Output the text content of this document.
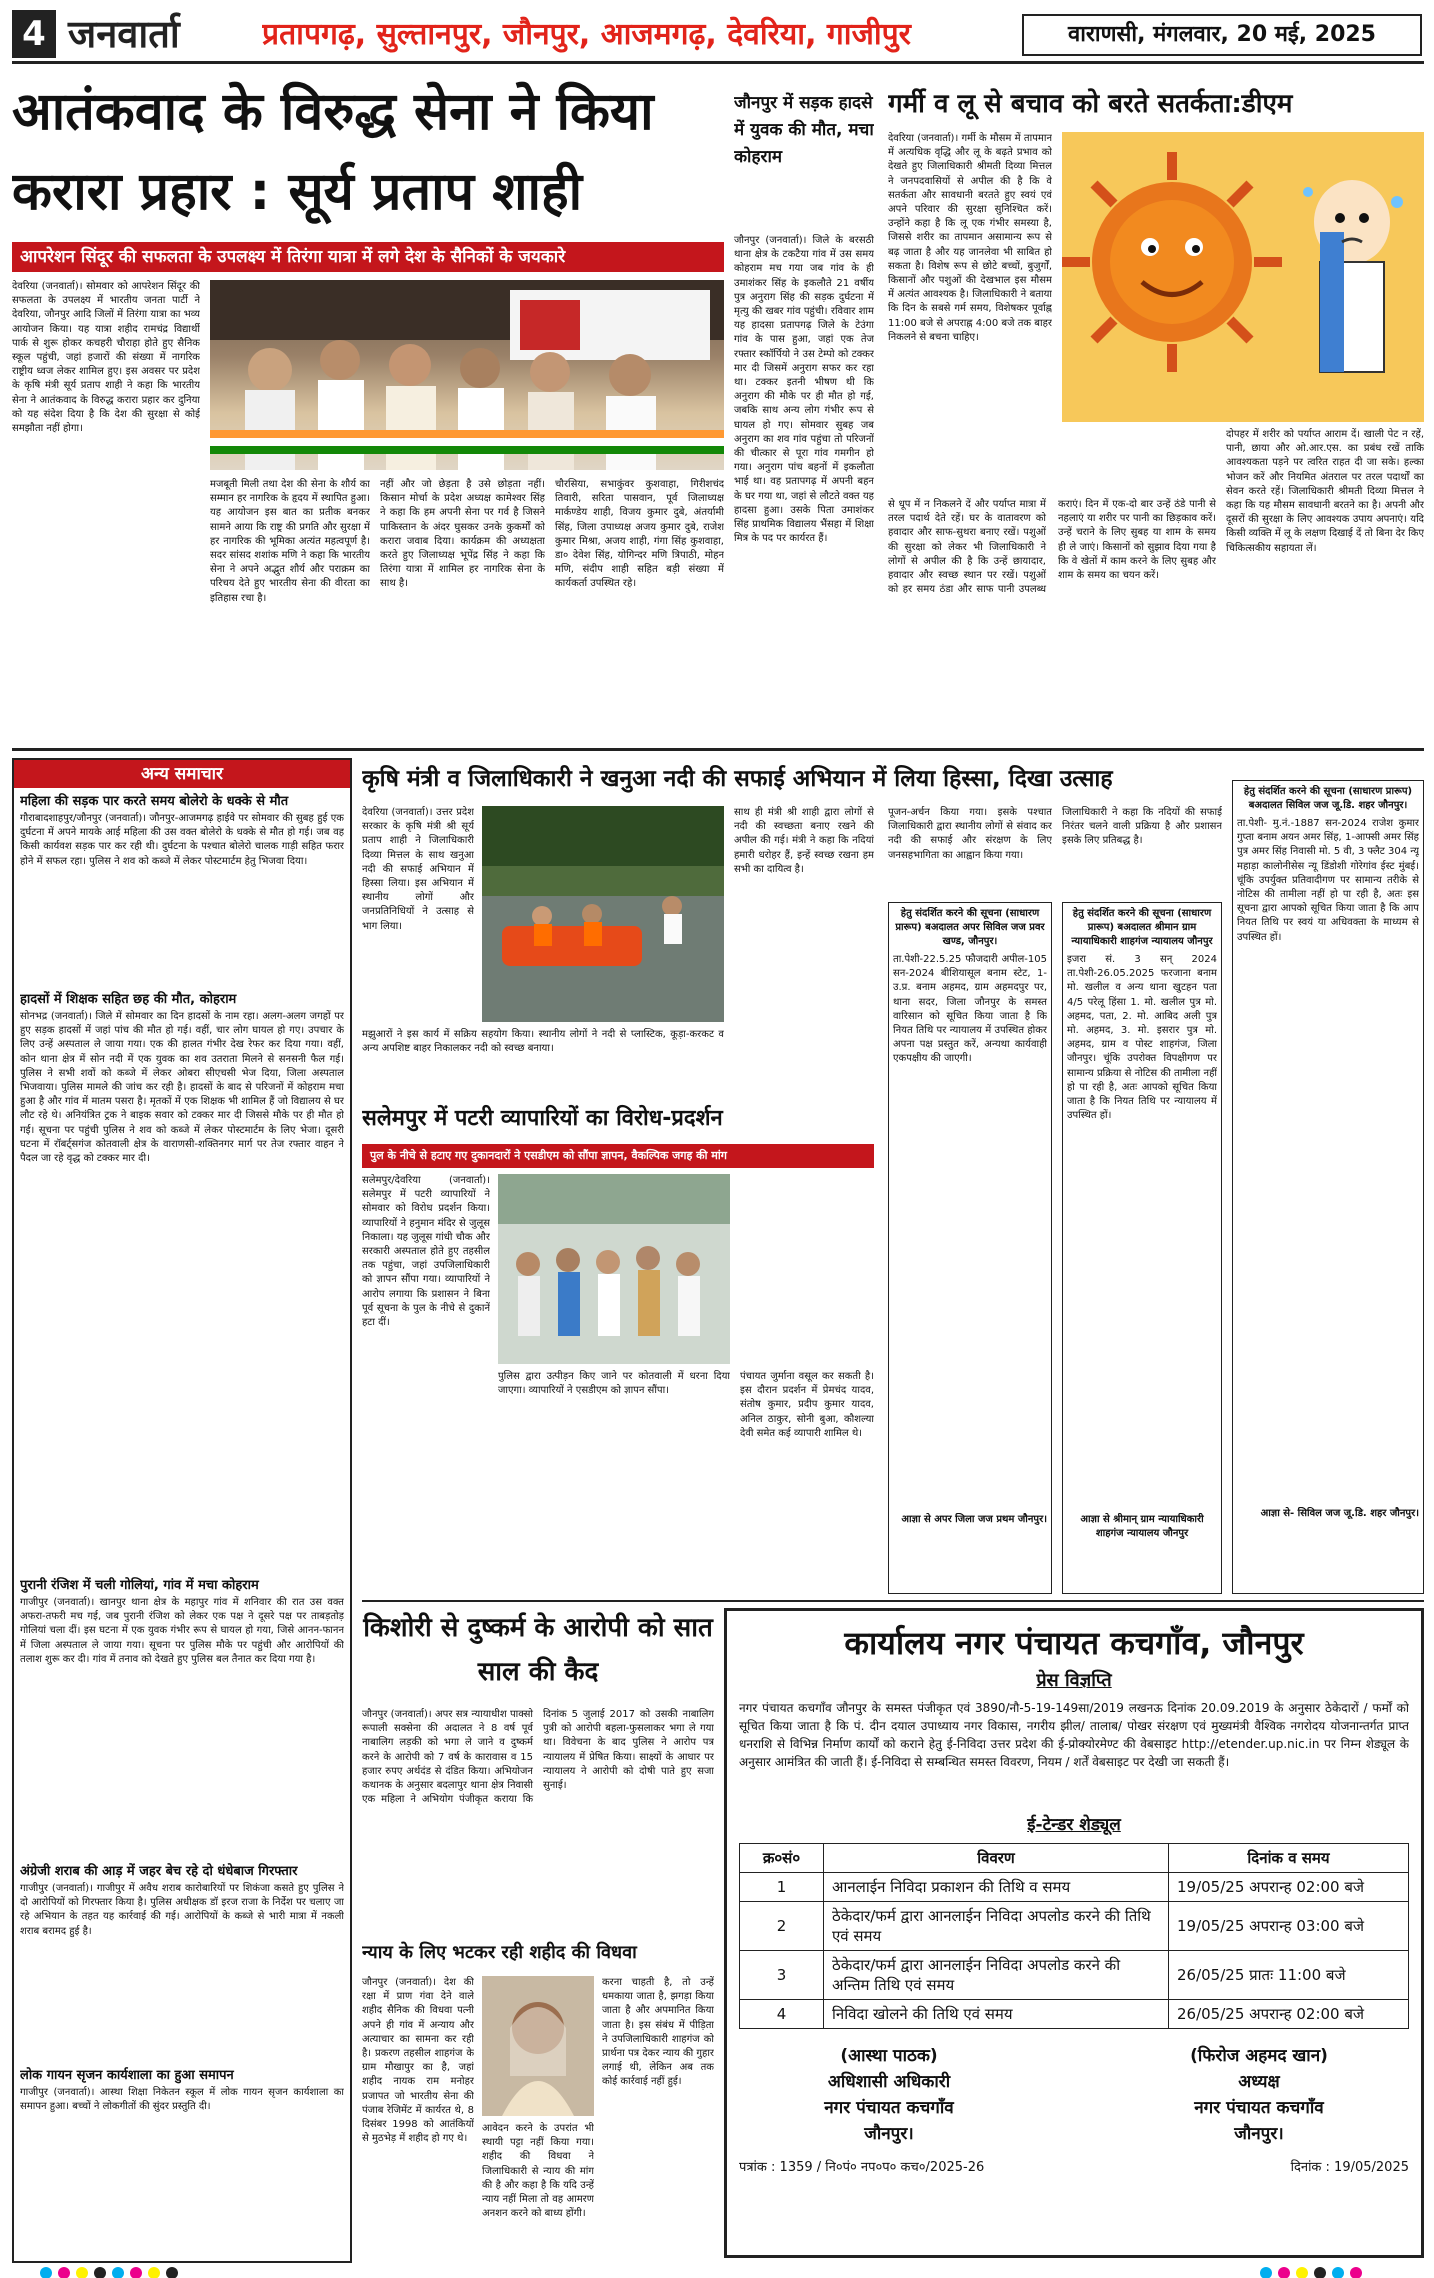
4 जनवार्ता	प्रतापगढ़, सुल्तानपुर, जौनपुर, आजमगढ़, देवरिया, गाजीपुर	वाराणसी, मंगलवार, 20 मई, 2025
आतंकवाद के विरुद्ध सेना ने किया
करारा प्रहार : सूर्य प्रताप शाही
आपरेशन सिंदूर की सफलता के उपलक्ष्य में तिरंगा यात्रा में लगे देश के सैनिकों के जयकारे
देवरिया (जनवार्ता)। सोमवार को आपरेशन सिंदूर की सफलता के उपलक्ष्य में भारतीय जनता पार्टी ने देवरिया, जौनपुर आदि जिलों में तिरंगा यात्रा का भव्य आयोजन किया। यह यात्रा शहीद रामचंद्र विद्यार्थी पार्क से शुरू होकर कचहरी चौराहा होते हुए सैनिक स्कूल पहुंची, जहां हजारों की संख्या में नागरिक राष्ट्रीय ध्वज लेकर शामिल हुए। इस अवसर पर प्रदेश के कृषि मंत्री सूर्य प्रताप शाही ने कहा कि भारतीय सेना ने आतंकवाद के विरुद्ध करारा प्रहार कर दुनिया को यह संदेश दिया है कि देश की सुरक्षा से कोई समझौता नहीं होगा।
मजबूती मिली तथा देश की सेना के शौर्य का सम्मान हर नागरिक के हृदय में स्थापित हुआ। यह आयोजन इस बात का प्रतीक बनकर सामने आया कि राष्ट्र की प्रगति और सुरक्षा में हर नागरिक की भूमिका अत्यंत महत्वपूर्ण है। सदर सांसद शशांक मणि ने कहा कि भारतीय सेना ने अपने अद्भुत शौर्य और पराक्रम का परिचय देते हुए भारतीय सेना की वीरता का इतिहास रचा है।
नहीं और जो छेड़ता है उसे छोड़ता नहीं। किसान मोर्चा के प्रदेश अध्यक्ष कामेश्वर सिंह ने कहा कि हम अपनी सेना पर गर्व है जिसने पाकिस्तान के अंदर घुसकर उनके कुकर्मों को करारा जवाब दिया। कार्यक्रम की अध्यक्षता करते हुए जिलाध्यक्ष भूपेंद्र सिंह ने कहा कि तिरंगा यात्रा में शामिल हर नागरिक सेना के साथ है।
चौरसिया, सभाकुंवर कुशवाहा, गिरीशचंद तिवारी, सरिता पासवान, पूर्व जिलाध्यक्ष मार्कण्डेय शाही, विजय कुमार दुबे, अंतर्यामी सिंह, जिला उपाध्यक्ष अजय कुमार दुबे, राजेश कुमार मिश्रा, अजय शाही, गंगा सिंह कुशवाहा, डा० देवेश सिंह, योगिन्दर मणि त्रिपाठी, मोहन मणि, संदीप शाही सहित बड़ी संख्या में कार्यकर्ता उपस्थित रहे।
जौनपुर में सड़क हादसे में युवक की मौत, मचा कोहराम
जौनपुर (जनवार्ता)। जिले के बरसठी थाना क्षेत्र के टकटैया गांव में उस समय कोहराम मच गया जब गांव के ही उमाशंकर सिंह के इकलौते 21 वर्षीय पुत्र अनुराग सिंह की सड़क दुर्घटना में मृत्यु की खबर गांव पहुंची। रविवार शाम यह हादसा प्रतापगढ़ जिले के टेउंगा गांव के पास हुआ, जहां एक तेज रफ्तार स्कॉर्पियो ने उस टेम्पो को टक्कर मार दी जिसमें अनुराग सफर कर रहा था। टक्कर इतनी भीषण थी कि अनुराग की मौके पर ही मौत हो गई, जबकि साथ अन्य लोग गंभीर रूप से घायल हो गए। सोमवार सुबह जब अनुराग का शव गांव पहुंचा तो परिजनों की चीत्कार से पूरा गांव गमगीन हो गया। अनुराग पांच बहनों में इकलौता भाई था। वह प्रतापगढ़ में अपनी बहन के घर गया था, जहां से लौटते वक्त यह हादसा हुआ। उसके पिता उमाशंकर सिंह प्राथमिक विद्यालय भैंसहा में शिक्षा मित्र के पद पर कार्यरत हैं।
गर्मी व लू से बचाव को बरते सतर्कता:डीएम
देवरिया (जनवार्ता)। गर्मी के मौसम में तापमान में अत्यधिक वृद्धि और लू के बढ़ते प्रभाव को देखते हुए जिलाधिकारी श्रीमती दिव्या मित्तल ने जनपदवासियों से अपील की है कि वे सतर्कता और सावधानी बरतते हुए स्वयं एवं अपने परिवार की सुरक्षा सुनिश्चित करें। उन्होंने कहा है कि लू एक गंभीर समस्या है, जिससे शरीर का तापमान असामान्य रूप से बढ़ जाता है और यह जानलेवा भी साबित हो सकता है। विशेष रूप से छोटे बच्चों, बुजुर्गों, किसानों और पशुओं की देखभाल इस मौसम में अत्यंत आवश्यक है। जिलाधिकारी ने बताया कि दिन के सबसे गर्म समय, विशेषकर पूर्वाह्न 11:00 बजे से अपराह्न 4:00 बजे तक बाहर निकलने से बचना चाहिए।
से धूप में न निकलने दें और पर्याप्त मात्रा में तरल पदार्थ देते रहें। घर के वातावरण को हवादार और साफ-सुथरा बनाए रखें। पशुओं की सुरक्षा को लेकर भी जिलाधिकारी ने लोगों से अपील की है कि उन्हें छायादार, हवादार और स्वच्छ स्थान पर रखें। पशुओं को हर समय ठंडा और साफ पानी उपलब्ध कराएं। दिन में एक-दो बार उन्हें ठंडे पानी से नहलाएं या शरीर पर पानी का छिड़काव करें। उन्हें चराने के लिए सुबह या शाम के समय ही ले जाएं। किसानों को सुझाव दिया गया है कि वे खेतों में काम करने के लिए सुबह और शाम के समय का चयन करें।
दोपहर में शरीर को पर्याप्त आराम दें। खाली पेट न रहें, पानी, छाया और ओ.आर.एस. का प्रबंध रखें ताकि आवश्यकता पड़ने पर त्वरित राहत दी जा सके। हल्का भोजन करें और नियमित अंतराल पर तरल पदार्थों का सेवन करते रहें। जिलाधिकारी श्रीमती दिव्या मित्तल ने कहा कि यह मौसम सावधानी बरतने का है। अपनी और दूसरों की सुरक्षा के लिए आवश्यक उपाय अपनाएं। यदि किसी व्यक्ति में लू के लक्षण दिखाई दें तो बिना देर किए चिकित्सकीय सहायता लें।
अन्य समाचार
महिला की सड़क पार करते समय बोलेरो के धक्के से मौत
गौराबादशाहपुर/जौनपुर (जनवार्ता)। जौनपुर-आजमगढ़ हाईवे पर सोमवार की सुबह हुई एक दुर्घटना में अपने मायके आई महिला की उस वक्त बोलेरो के धक्के से मौत हो गई। जब वह किसी कार्यवश सड़क पार कर रही थी। दुर्घटना के पश्चात बोलेरो चालक गाड़ी सहित फरार होने में सफल रहा। पुलिस ने शव को कब्जे में लेकर पोस्टमार्टम हेतु भिजवा दिया।
हादसों में शिक्षक सहित छह की मौत, कोहराम
सोनभद्र (जनवार्ता)। जिले में सोमवार का दिन हादसों के नाम रहा। अलग-अलग जगहों पर हुए सड़क हादसों में जहां पांच की मौत हो गई। वहीं, चार लोग घायल हो गए। उपचार के लिए उन्हें अस्पताल ले जाया गया। एक की हालत गंभीर देख रेफर कर दिया गया। वहीं, कोन थाना क्षेत्र में सोन नदी में एक युवक का शव उतराता मिलने से सनसनी फैल गई। पुलिस ने सभी शवों को कब्जे में लेकर ओबरा सीएचसी भेज दिया, जिला अस्पताल भिजवाया। पुलिस मामले की जांच कर रही है। हादसों के बाद से परिजनों में कोहराम मचा हुआ है और गांव में मातम पसरा है। मृतकों में एक शिक्षक भी शामिल हैं जो विद्यालय से घर लौट रहे थे। अनियंत्रित ट्रक ने बाइक सवार को टक्कर मार दी जिससे मौके पर ही मौत हो गई। सूचना पर पहुंची पुलिस ने शव को कब्जे में लेकर पोस्टमार्टम के लिए भेजा। दूसरी घटना में रॉबर्ट्सगंज कोतवाली क्षेत्र के वाराणसी-शक्तिनगर मार्ग पर तेज रफ्तार वाहन ने पैदल जा रहे वृद्ध को टक्कर मार दी।
पुरानी रंजिश में चली गोलियां, गांव में मचा कोहराम
गाजीपुर (जनवार्ता)। खानपुर थाना क्षेत्र के महापुर गांव में शनिवार की रात उस वक्त अफरा-तफरी मच गई, जब पुरानी रंजिश को लेकर एक पक्ष ने दूसरे पक्ष पर ताबड़तोड़ गोलियां चला दीं। इस घटना में एक युवक गंभीर रूप से घायल हो गया, जिसे आनन-फानन में जिला अस्पताल ले जाया गया। सूचना पर पुलिस मौके पर पहुंची और आरोपियों की तलाश शुरू कर दी। गांव में तनाव को देखते हुए पुलिस बल तैनात कर दिया गया है।
अंग्रेजी शराब की आड़ में जहर बेच रहे दो धंधेबाज गिरफ्तार
गाजीपुर (जनवार्ता)। गाजीपुर में अवैध शराब कारोबारियों पर शिकंजा कसते हुए पुलिस ने दो आरोपियों को गिरफ्तार किया है। पुलिस अधीक्षक डॉ इरज राजा के निर्देश पर चलाए जा रहे अभियान के तहत यह कार्रवाई की गई। आरोपियों के कब्जे से भारी मात्रा में नकली शराब बरामद हुई है।
लोक गायन सृजन कार्यशाला का हुआ समापन
गाजीपुर (जनवार्ता)। आस्था शिक्षा निकेतन स्कूल में लोक गायन सृजन कार्यशाला का समापन हुआ। बच्चों ने लोकगीतों की सुंदर प्रस्तुति दी।
कृषि मंत्री व जिलाधिकारी ने खनुआ नदी की सफाई अभियान में लिया हिस्सा, दिखा उत्साह
देवरिया (जनवार्ता)। उत्तर प्रदेश सरकार के कृषि मंत्री श्री सूर्य प्रताप शाही ने जिलाधिकारी दिव्या मित्तल के साथ खनुआ नदी की सफाई अभियान में हिस्सा लिया। इस अभियान में स्थानीय लोगों और जनप्रतिनिधियों ने उत्साह से भाग लिया।
मझुआरों ने इस कार्य में सक्रिय सहयोग किया। स्थानीय लोगों ने नदी से प्लास्टिक, कूड़ा-करकट व अन्य अपशिष्ट बाहर निकालकर नदी को स्वच्छ बनाया।
साथ ही मंत्री श्री शाही द्वारा लोगों से नदी की स्वच्छता बनाए रखने की अपील की गई। मंत्री ने कहा कि नदियां हमारी धरोहर हैं, इन्हें स्वच्छ रखना हम सभी का दायित्व है।
पूजन-अर्चन किया गया। इसके पश्चात जिलाधिकारी द्वारा स्थानीय लोगों से संवाद कर नदी की सफाई और संरक्षण के लिए जनसहभागिता का आह्वान किया गया।
जिलाधिकारी ने कहा कि नदियों की सफाई निरंतर चलने वाली प्रक्रिया है और प्रशासन इसके लिए प्रतिबद्ध है।
सलेमपुर में पटरी व्यापारियों का विरोध-प्रदर्शन
पुल के नीचे से हटाए गए दुकानदारों ने एसडीएम को सौंपा ज्ञापन, वैकल्पिक जगह की मांग
सलेमपुर/देवरिया (जनवार्ता)। सलेमपुर में पटरी व्यापारियों ने सोमवार को विरोध प्रदर्शन किया। व्यापारियों ने हनुमान मंदिर से जुलूस निकाला। यह जुलूस गांधी चौक और सरकारी अस्पताल होते हुए तहसील तक पहुंचा, जहां उपजिलाधिकारी को ज्ञापन सौंपा गया। व्यापारियों ने आरोप लगाया कि प्रशासन ने बिना पूर्व सूचना के पुल के नीचे से दुकानें हटा दीं।
पुलिस द्वारा उत्पीड़न किए जाने पर कोतवाली में धरना दिया जाएगा। व्यापारियों ने एसडीएम को ज्ञापन सौंपा।
पंचायत जुर्माना वसूल कर सकती है। इस दौरान प्रदर्शन में प्रेमचंद यादव, संतोष कुमार, प्रदीप कुमार यादव, अनिल ठाकुर, सोनी बुआ, कौशल्या देवी समेत कई व्यापारी शामिल थे।
हेतु संदर्शित करने की सूचना (साधारण प्रारूप) बअदालत अपर सिविल जज प्रवर खण्ड, जौनपुर।
ता.पेशी-22.5.25 फौजदारी अपील-105 सन-2024 बीशियासूल बनाम स्टेट, 1-उ.प्र. बनाम अहमद, ग्राम अहमदपुर पर, थाना सदर, जिला जौनपुर के समस्त वारिसान को सूचित किया जाता है कि नियत तिथि पर न्यायालय में उपस्थित होकर अपना पक्ष प्रस्तुत करें, अन्यथा कार्यवाही एकपक्षीय की जाएगी।
आज्ञा से अपर जिला जज प्रथम जौनपुर।
हेतु संदर्शित करने की सूचना (साधारण प्रारूप) बअदालत श्रीमान ग्राम न्यायाधिकारी शाहगंज न्यायालय जौनपुर
इजरा सं. 3 सन् 2024 ता.पेशी-26.05.2025 फरजाना बनाम मो. खलील व अन्य थाना खुटहन पता 4/5 परेलू हिंसा 1. मो. खलील पुत्र मो. अहमद, पता, 2. मो. आबिद अली पुत्र मो. अहमद, 3. मो. इसरार पुत्र मो. अहमद, ग्राम व पोस्ट शाहगंज, जिला जौनपुर। चूंकि उपरोक्त विपक्षीगण पर सामान्य प्रक्रिया से नोटिस की तामीला नहीं हो पा रही है, अतः आपको सूचित किया जाता है कि नियत तिथि पर न्यायालय में उपस्थित हों।
आज्ञा से श्रीमान् ग्राम न्यायाधिकारी शाहगंज न्यायालय जौनपुर
हेतु संदर्शित करने की सूचना (साधारण प्रारूप) बअदालत सिविल जज जू.डि. शहर जौनपुर।
ता.पेशी- मु.नं.-1887 सन-2024 राजेश कुमार गुप्ता बनाम अयन अमर सिंह, 1-आफ्सी अमर सिंह पुत्र अमर सिंह निवासी मो. 5 वी, 3 फ्लैट 304 न्यू महाड़ा कालोनीसेस न्यू डिंडोशी गोरेगांव ईस्ट मुंबई। चूंकि उपर्युक्त प्रतिवादीगण पर सामान्य तरीके से नोटिस की तामीला नहीं हो पा रही है, अतः इस सूचना द्वारा आपको सूचित किया जाता है कि आप नियत तिथि पर स्वयं या अधिवक्ता के माध्यम से उपस्थित हों।
आज्ञा से- सिविल जज जू.डि. शहर जौनपुर।
किशोरी से दुष्कर्म के आरोपी को सात साल की कैद
जौनपुर (जनवार्ता)। अपर सत्र न्यायाधीश पाक्सो रूपाली सक्सेना की अदालत ने 8 वर्ष पूर्व नाबालिग लड़की को भगा ले जाने व दुष्कर्म करने के आरोपी को 7 वर्ष के कारावास व 15 हजार रुपए अर्थदंड से दंडित किया। अभियोजन कथानक के अनुसार बदलापुर थाना क्षेत्र निवासी एक महिला ने अभियोग पंजीकृत कराया कि दिनांक 5 जुलाई 2017 को उसकी नाबालिग पुत्री को आरोपी बहला-फुसलाकर भगा ले गया था। विवेचना के बाद पुलिस ने आरोप पत्र न्यायालय में प्रेषित किया। साक्ष्यों के आधार पर न्यायालय ने आरोपी को दोषी पाते हुए सजा सुनाई।
न्याय के लिए भटकर रही शहीद की विधवा
जौनपुर (जनवार्ता)। देश की रक्षा में प्राण गंवा देने वाले शहीद सैनिक की विधवा पत्नी अपने ही गांव में अन्याय और अत्याचार का सामना कर रही है। प्रकरण तहसील शाहगंज के ग्राम मौखापुर का है, जहां शहीद नायक राम मनोहर प्रजापत जो भारतीय सेना की पंजाब रेजिमेंट में कार्यरत थे, 8 दिसंबर 1998 को आतंकियों से मुठभेड़ में शहीद हो गए थे।
करना चाहती है, तो उन्हें धमकाया जाता है, झगड़ा किया जाता है और अपमानित किया जाता है। इस संबंध में पीड़िता ने उपजिलाधिकारी शाहगंज को प्रार्थना पत्र देकर न्याय की गुहार लगाई थी, लेकिन अब तक कोई कार्रवाई नहीं हुई।
आवेदन करने के उपरांत भी स्थायी पट्टा नहीं किया गया। शहीद की विधवा ने जिलाधिकारी से न्याय की मांग की है और कहा है कि यदि उन्हें न्याय नहीं मिला तो वह आमरण अनशन करने को बाध्य होंगी।
कार्यालय नगर पंचायत कचगाँव, जौनपुर
प्रेस विज्ञप्ति
नगर पंचायत कचगाँव जौनपुर के समस्त पंजीकृत एवं 3890/नौ-5-19-149सा/2019 लखनऊ दिनांक 20.09.2019 के अनुसार ठेकेदारों / फर्मों को सूचित किया जाता है कि पं. दीन दयाल उपाध्याय नगर विकास, नगरीय झील/ तालाब/ पोखर संरक्षण एवं मुख्यमंत्री वैश्विक नगरोदय योजनान्तर्गत प्राप्त धनराशि से विभिन्न निर्माण कार्यों को कराने हेतु ई-निविदा उत्तर प्रदेश की ई-प्रोक्योरमेण्ट की वेबसाइट http://etender.up.nic.in पर निम्न शेड्यूल के अनुसार आमंत्रित की जाती हैं। ई-निविदा से सम्बन्धित समस्त विवरण, नियम / शर्तें वेबसाइट पर देखी जा सकती हैं।
ई-टेन्डर शेड्यूल
क्र०सं०	विवरण	दिनांक व समय
1	आनलाईन निविदा प्रकाशन की तिथि व समय	19/05/25 अपरान्ह 02:00 बजे
2	ठेकेदार/फर्म द्वारा आनलाईन निविदा अपलोड करने की तिथि एवं समय	19/05/25 अपरान्ह 03:00 बजे
3	ठेकेदार/फर्म द्वारा आनलाईन निविदा अपलोड करने की अन्तिम तिथि एवं समय	26/05/25 प्रातः 11:00 बजे
4	निविदा खोलने की तिथि एवं समय	26/05/25 अपरान्ह 02:00 बजे
(आस्था पाठक)
अधिशासी अधिकारी
नगर पंचायत कचगाँव
जौनपुर।
(फिरोज अहमद खान)
अध्यक्ष
नगर पंचायत कचगाँव
जौनपुर।
पत्रांक : 1359 / नि०पं० नप०प० कच०/2025-26	दिनांक : 19/05/2025
